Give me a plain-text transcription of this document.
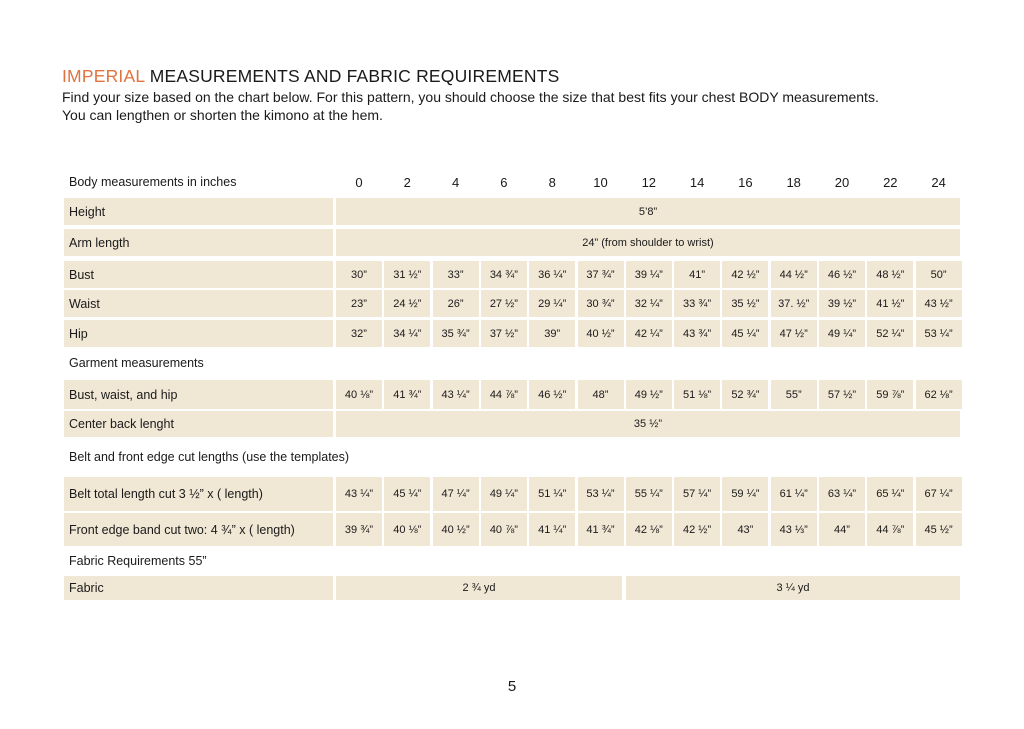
IMPERIAL MEASUREMENTS AND FABRIC REQUIREMENTS

Find your size based on the chart below. For this pattern, you should choose the size that best fits your chest BODY measurements.

You can lengthen or shorten the kimono at the hem.

Body measurements in inches	0	2	4	6	8	10	12	14	16	18	20	22	24
Height	5’8”
Arm length	24” (from shoulder to wrist)
Bust	30”	31 ½”	33”	34 ¾”	36 ¼”	37 ¾”	39 ¼”	41”	42 ½”	44 ½”	46 ½”	48 ½”	50”
Waist	23”	24 ½”	26”	27 ½”	29 ¼”	30 ¾”	32 ¼”	33 ¾”	35 ½”	37. ½”	39 ½”	41 ½”	43 ½”
Hip	32”	34 ¼”	35 ¾”	37 ½”	39”	40 ½”	42 ¼”	43 ¾”	45 ¼”	47 ½”	49 ¼”	52 ¼”	53 ¼”
Garment measurements
Bust, waist, and hip	40 ⅛”	41 ¾”	43 ¼”	44 ⅞”	46 ½”	48”	49 ½”	51 ⅛”	52 ¾”	55”	57 ½”	59 ⅞”	62 ⅛”
Center back lenght	35 ½”
Belt and front edge cut lengths (use the templates)
Belt total length cut 3 ½” x ( length)	43 ¼”	45 ¼”	47 ¼”	49 ¼”	51 ¼”	53 ¼”	55 ¼”	57 ¼”	59 ¼”	61 ¼”	63 ¼”	65 ¼”	67 ¼”
Front edge band cut two: 4 ¾” x ( length)	39 ¾”	40 ⅛”	40 ½”	40 ⅞”	41 ¼”	41 ¾”	42 ⅛”	42 ½”	43”	43 ⅓”	44”	44 ⅞”	45 ½”
Fabric Requirements 55”
Fabric	2 ¾ yd	3 ¼ yd
5
